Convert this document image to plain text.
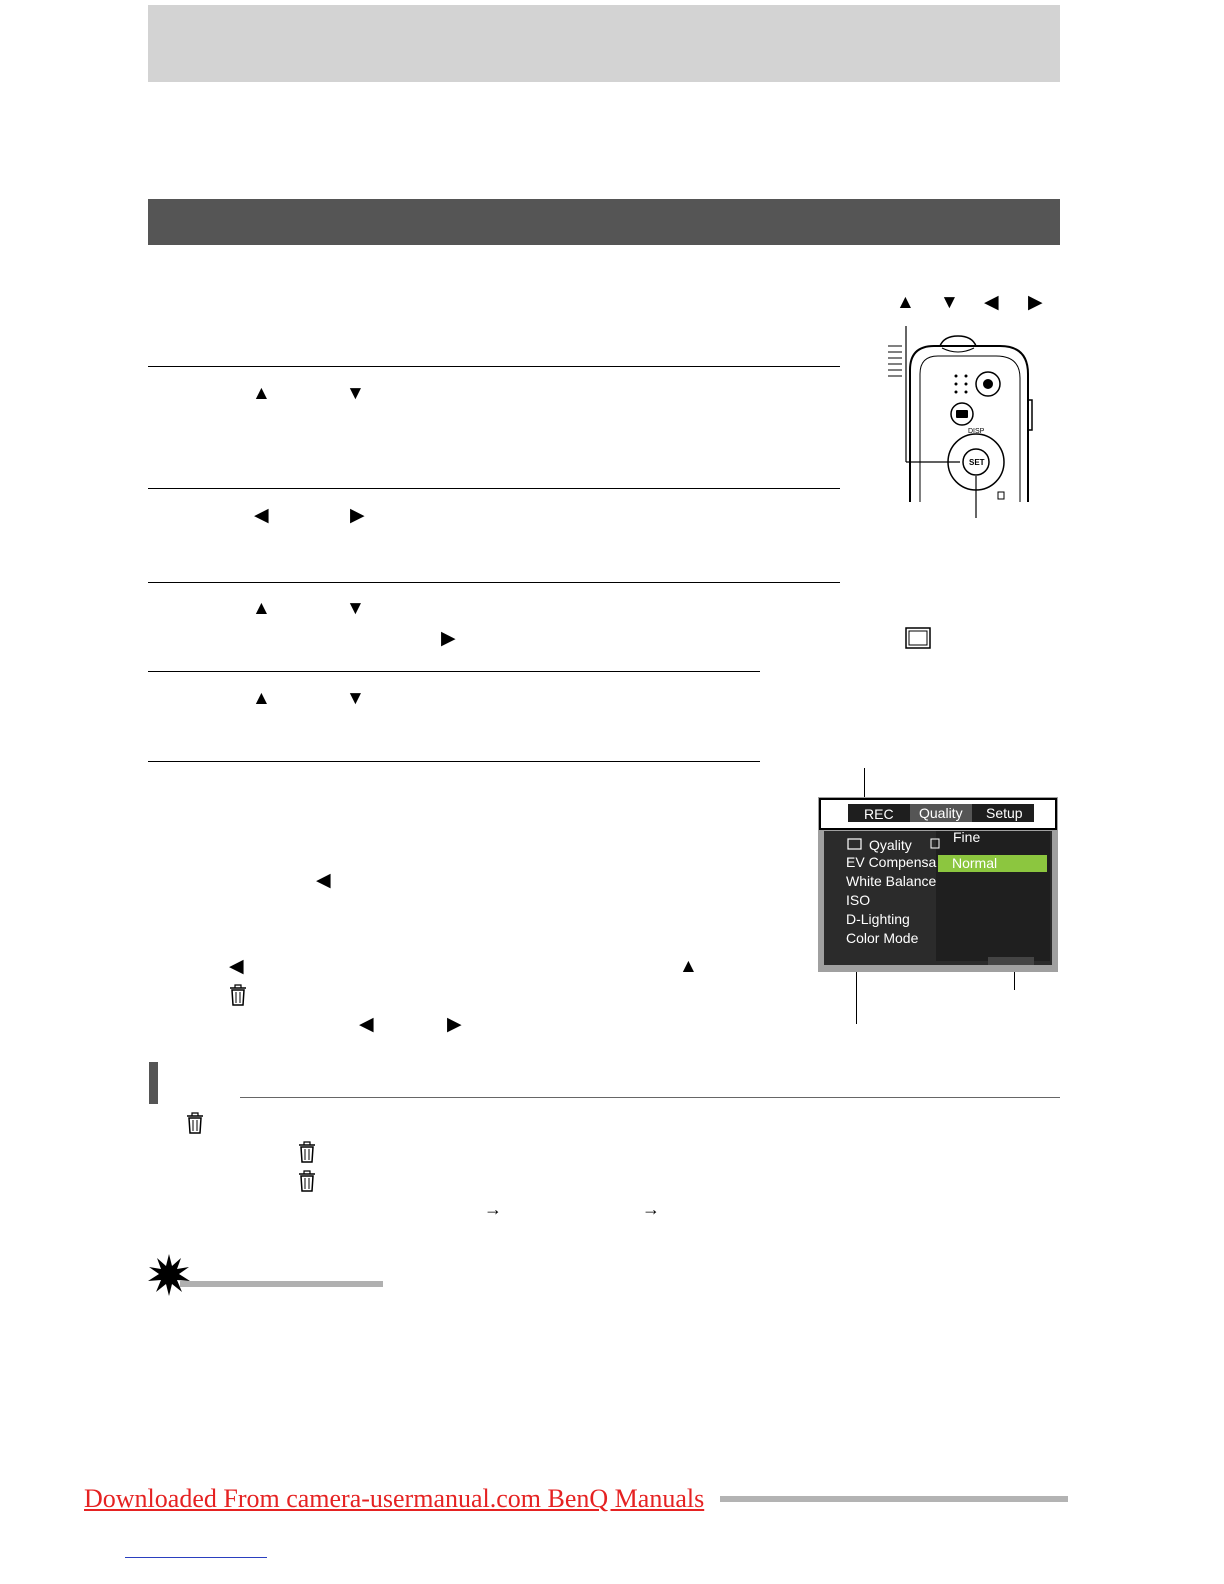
▲ ▼ ◀ ▶
DISP
SET
▲	▼
◀	▶
▲	▼
▶
▲	▼
◀
◀	▲
◀	▶
REC Quality Setup
Qyality
EV Compensa
White Balance
ISO
D-Lighting
Color Mode
Fine
Normal
→	→
Downloaded From camera-usermanual.com BenQ Manuals
